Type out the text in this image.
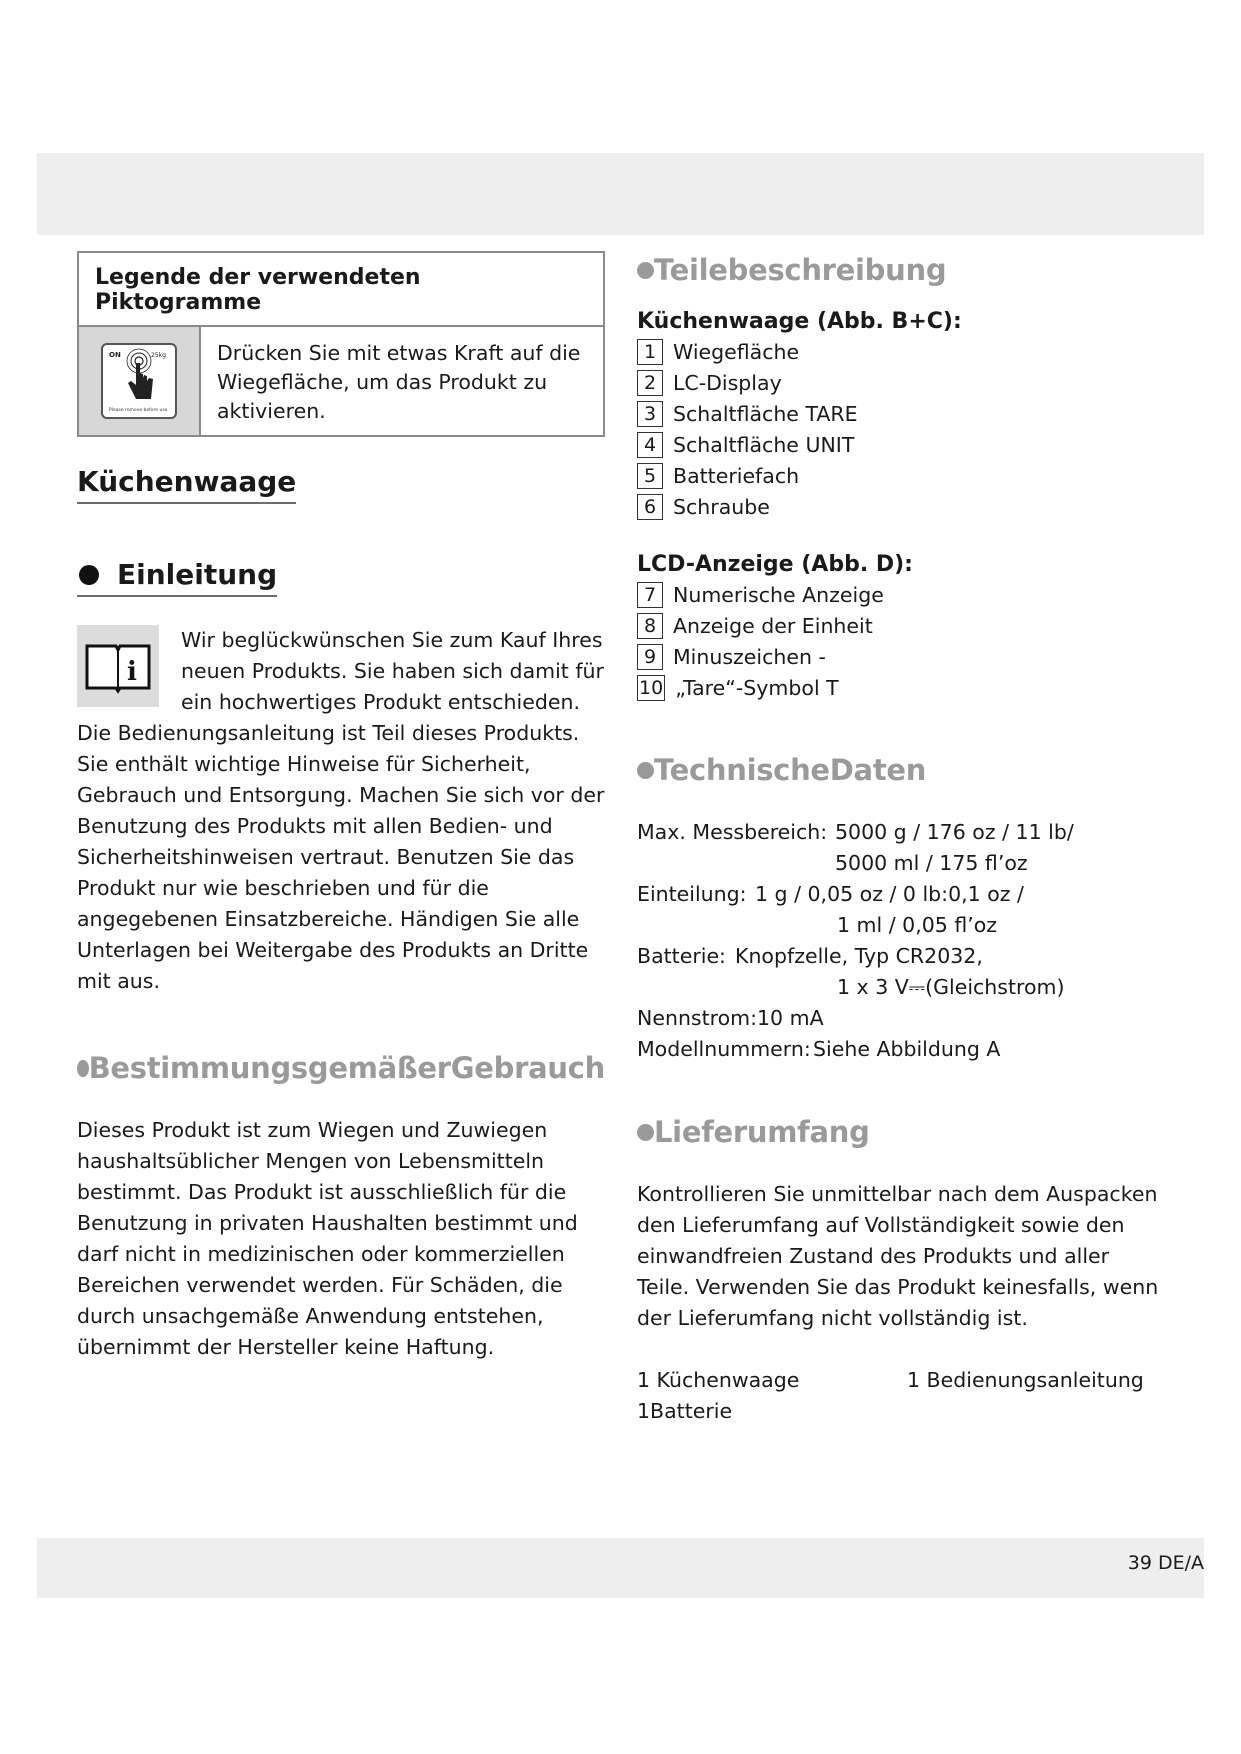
39 DE/A
Legende der verwendeten Piktogramme
ON	25kg
Please remove before use
Drücken Sie mit etwas Kraft auf die Wiegefläche, um das Produkt zu aktivieren.
Küchenwaage
Einleitung
i
Wir beglückwünschen Sie zum Kauf Ihres neuen Produkts. Sie haben sich damit für ein hochwertiges Produkt entschieden. Die Bedienungsanleitung ist Teil dieses Produkts. Sie enthält wichtige Hinweise für Sicherheit, Gebrauch und Entsorgung. Machen Sie sich vor der Benutzung des Produkts mit allen Bedien- und Sicherheitshinweisen vertraut. Benutzen Sie das Produkt nur wie beschrieben und für die angegebenen Einsatzbereiche. Händigen Sie alle Unterlagen bei Weitergabe des Produkts an Dritte mit aus.
BestimmungsgemäßerGebrauch
Dieses Produkt ist zum Wiegen und Zuwiegen haushaltsüblicher Mengen von Lebensmitteln bestimmt. Das Produkt ist ausschließlich für die Benutzung in privaten Haushalten bestimmt und darf nicht in medizinischen oder kommerziellen Bereichen verwendet werden. Für Schäden, die durch unsachgemäße Anwendung entstehen, übernimmt der Hersteller keine Haftung.
Teilebeschreibung
Küchenwaage (Abb. B+C):
1 Wiegefläche
2 LC-Display
3 Schaltfläche TARE
4 Schaltfläche UNIT
5 Batteriefach
6 Schraube
LCD-Anzeige (Abb. D):
7 Numerische Anzeige
8 Anzeige der Einheit
9 Minuszeichen -
10 „Tare“-Symbol T
TechnischeDaten
Max. Messbereich: 5000 g / 176 oz / 11 lb/
5000 ml / 175 fl’oz
Einteilung: 1 g / 0,05 oz / 0 lb:0,1 oz /
1 ml / 0,05 fl’oz
Batterie: Knopfzelle, Typ CR2032,
1 x 3 V⎓(Gleichstrom)
Nennstrom: 10 mA
Modellnummern: Siehe Abbildung A
Lieferumfang
Kontrollieren Sie unmittelbar nach dem Auspacken den Lieferumfang auf Vollständigkeit sowie den einwandfreien Zustand des Produkts und aller Teile. Verwenden Sie das Produkt keinesfalls, wenn der Lieferumfang nicht vollständig ist.
1 Küchenwaage	1 Bedienungsanleitung
1Batterie
